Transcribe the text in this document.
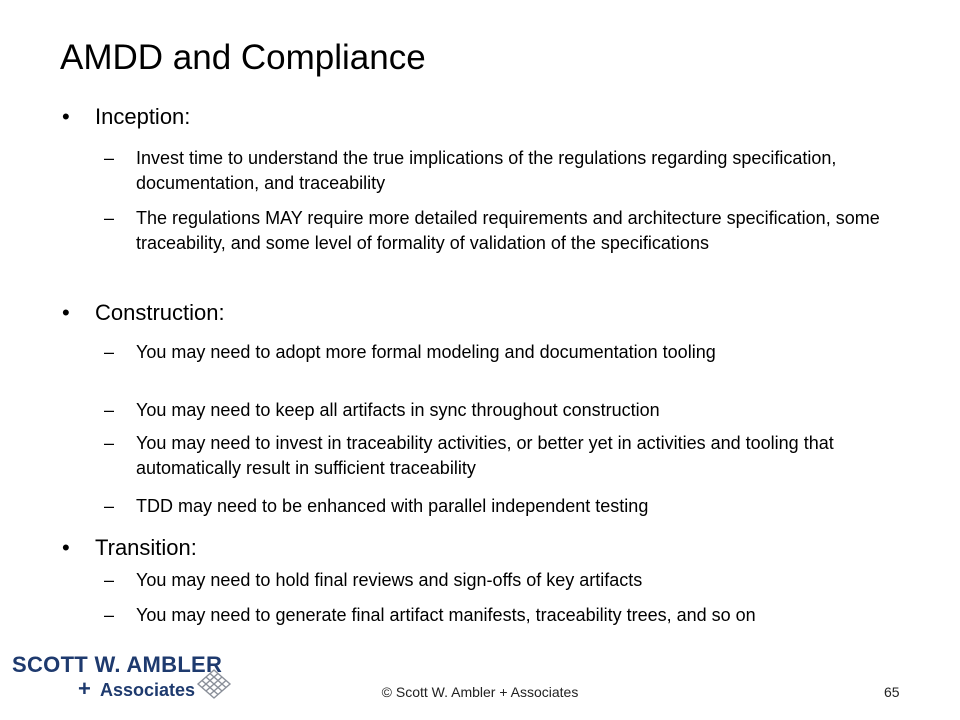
AMDD and Compliance
• Inception:
– Invest time to understand the true implications of the regulations regarding specification, documentation, and traceability
– The regulations MAY require more detailed requirements and architecture specification, some traceability, and some level of formality of validation of the specifications
• Construction:
– You may need to adopt more formal modeling and documentation tooling
– You may need to keep all artifacts in sync throughout construction
– You may need to invest in traceability activities, or better yet in activities and tooling that automatically result in sufficient traceability
– TDD may need to be enhanced with parallel independent testing
• Transition:
– You may need to hold final reviews and sign-offs of key artifacts
– You may need to generate final artifact manifests, traceability trees, and so on
SCOTT W. AMBLER
+ Associates	© Scott W. Ambler + Associates	65
